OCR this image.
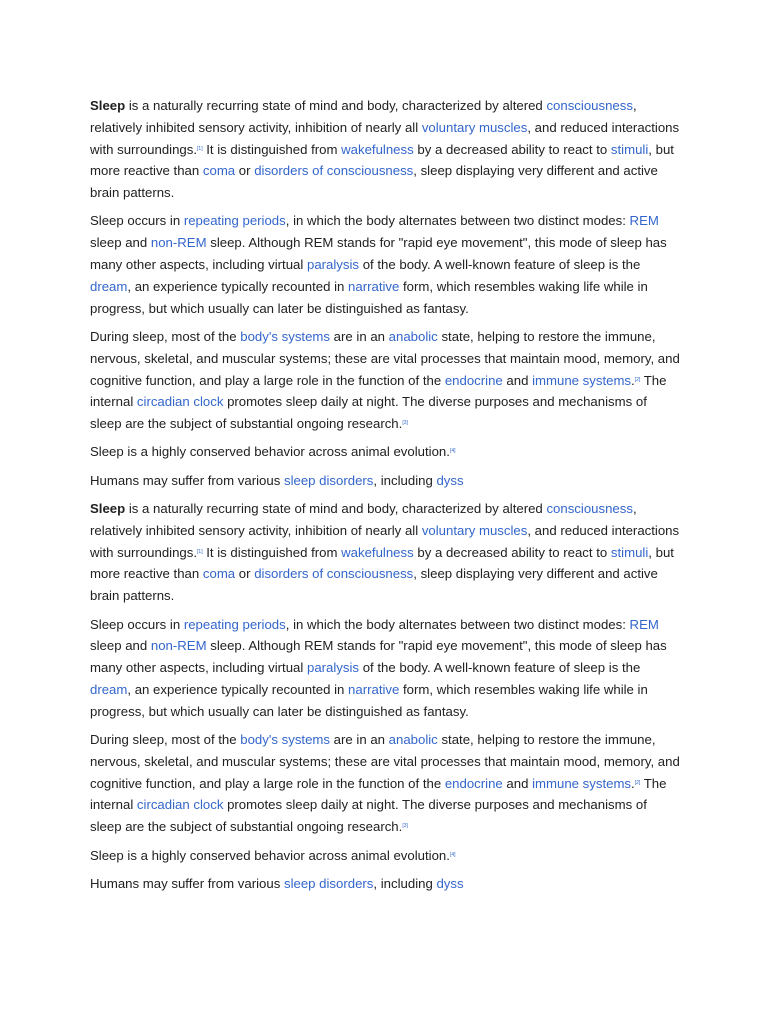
Sleep is a naturally recurring state of mind and body, characterized by altered consciousness, relatively inhibited sensory activity, inhibition of nearly all voluntary muscles, and reduced interactions with surroundings.[1] It is distinguished from wakefulness by a decreased ability to react to stimuli, but more reactive than coma or disorders of consciousness, sleep displaying very different and active brain patterns.

Sleep occurs in repeating periods, in which the body alternates between two distinct modes: REM sleep and non-REM sleep. Although REM stands for "rapid eye movement", this mode of sleep has many other aspects, including virtual paralysis of the body. A well-known feature of sleep is the dream, an experience typically recounted in narrative form, which resembles waking life while in progress, but which usually can later be distinguished as fantasy.

During sleep, most of the body's systems are in an anabolic state, helping to restore the immune, nervous, skeletal, and muscular systems; these are vital processes that maintain mood, memory, and cognitive function, and play a large role in the function of the endocrine and immune systems.[2] The internal circadian clock promotes sleep daily at night. The diverse purposes and mechanisms of sleep are the subject of substantial ongoing research.[3]

Sleep is a highly conserved behavior across animal evolution.[4]

Humans may suffer from various sleep disorders, including dyss

Sleep is a naturally recurring state of mind and body, characterized by altered consciousness, relatively inhibited sensory activity, inhibition of nearly all voluntary muscles, and reduced interactions with surroundings.[1] It is distinguished from wakefulness by a decreased ability to react to stimuli, but more reactive than coma or disorders of consciousness, sleep displaying very different and active brain patterns.

Sleep occurs in repeating periods, in which the body alternates between two distinct modes: REM sleep and non-REM sleep. Although REM stands for "rapid eye movement", this mode of sleep has many other aspects, including virtual paralysis of the body. A well-known feature of sleep is the dream, an experience typically recounted in narrative form, which resembles waking life while in progress, but which usually can later be distinguished as fantasy.

During sleep, most of the body's systems are in an anabolic state, helping to restore the immune, nervous, skeletal, and muscular systems; these are vital processes that maintain mood, memory, and cognitive function, and play a large role in the function of the endocrine and immune systems.[2] The internal circadian clock promotes sleep daily at night. The diverse purposes and mechanisms of sleep are the subject of substantial ongoing research.[3]

Sleep is a highly conserved behavior across animal evolution.[4]

Humans may suffer from various sleep disorders, including dyss
